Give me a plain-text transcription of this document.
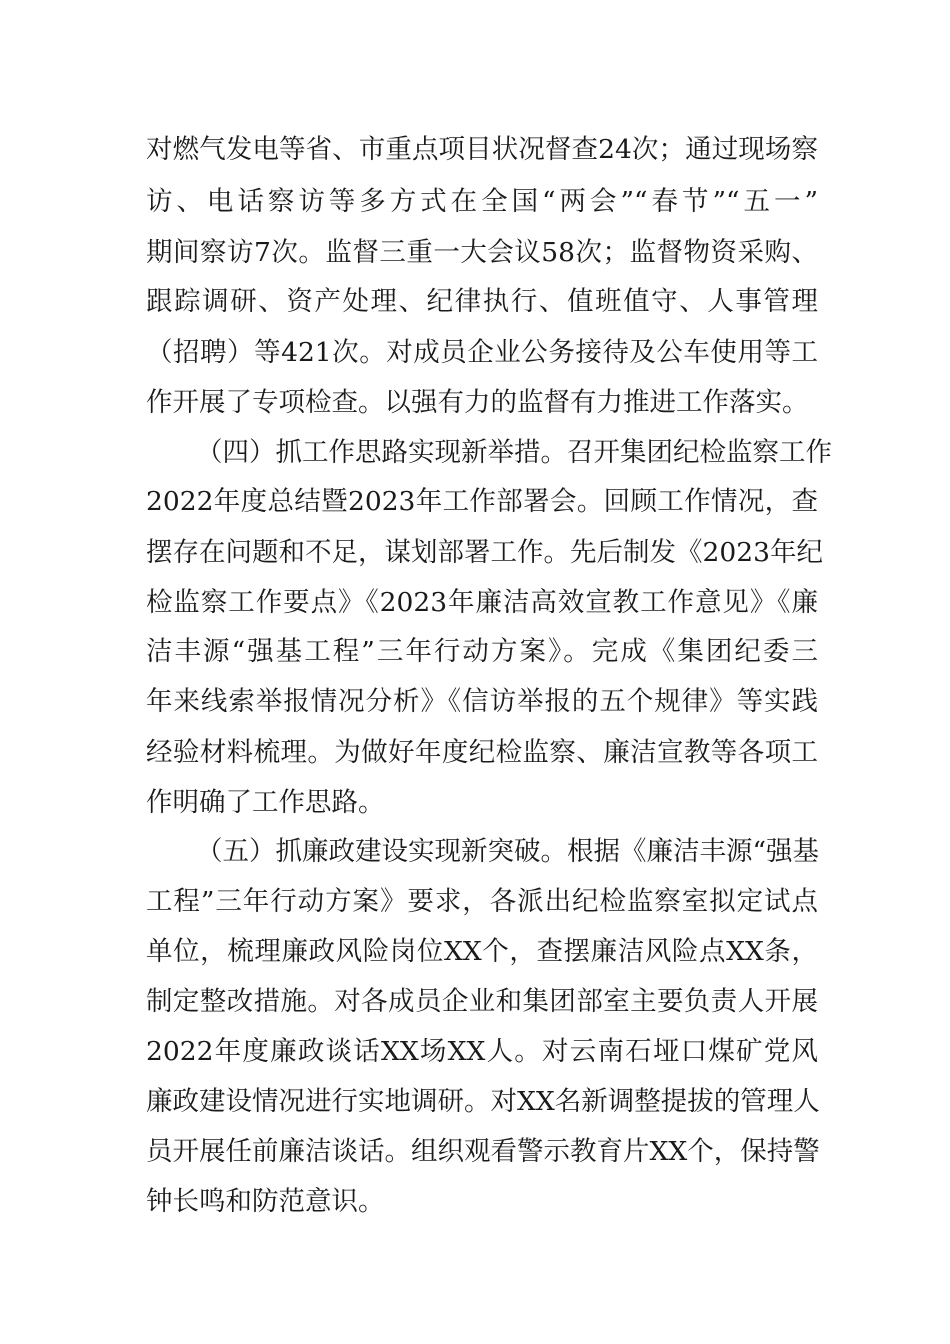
对燃气发电等省、市重点项目状况督查24次；通过现场察

访、电话察访等多方式在全国“两会”“春节”“五一”

期间察访7次。监督三重一大会议58次；监督物资采购、

跟踪调研、资产处理、纪律执行、值班值守、人事管理

（招聘）等421次。对成员企业公务接待及公车使用等工

作开展了专项检查。以强有力的监督有力推进工作落实。

（四）抓工作思路实现新举措。召开集团纪检监察工作

2022年度总结暨2023年工作部署会。回顾工作情况，查

摆存在问题和不足，谋划部署工作。先后制发《2023年纪

检监察工作要点》《2023年廉洁高效宣教工作意见》《廉

洁丰源“强基工程”三年行动方案》。完成《集团纪委三

年来线索举报情况分析》《信访举报的五个规律》等实践

经验材料梳理。为做好年度纪检监察、廉洁宣教等各项工

作明确了工作思路。

（五）抓廉政建设实现新突破。根据《廉洁丰源“强基

工程”三年行动方案》要求，各派出纪检监察室拟定试点

单位，梳理廉政风险岗位XX个，查摆廉洁风险点XX条，

制定整改措施。对各成员企业和集团部室主要负责人开展

2022年度廉政谈话XX场XX人。对云南石垭口煤矿党风

廉政建设情况进行实地调研。对XX名新调整提拔的管理人

员开展任前廉洁谈话。组织观看警示教育片XX个，保持警

钟长鸣和防范意识。
